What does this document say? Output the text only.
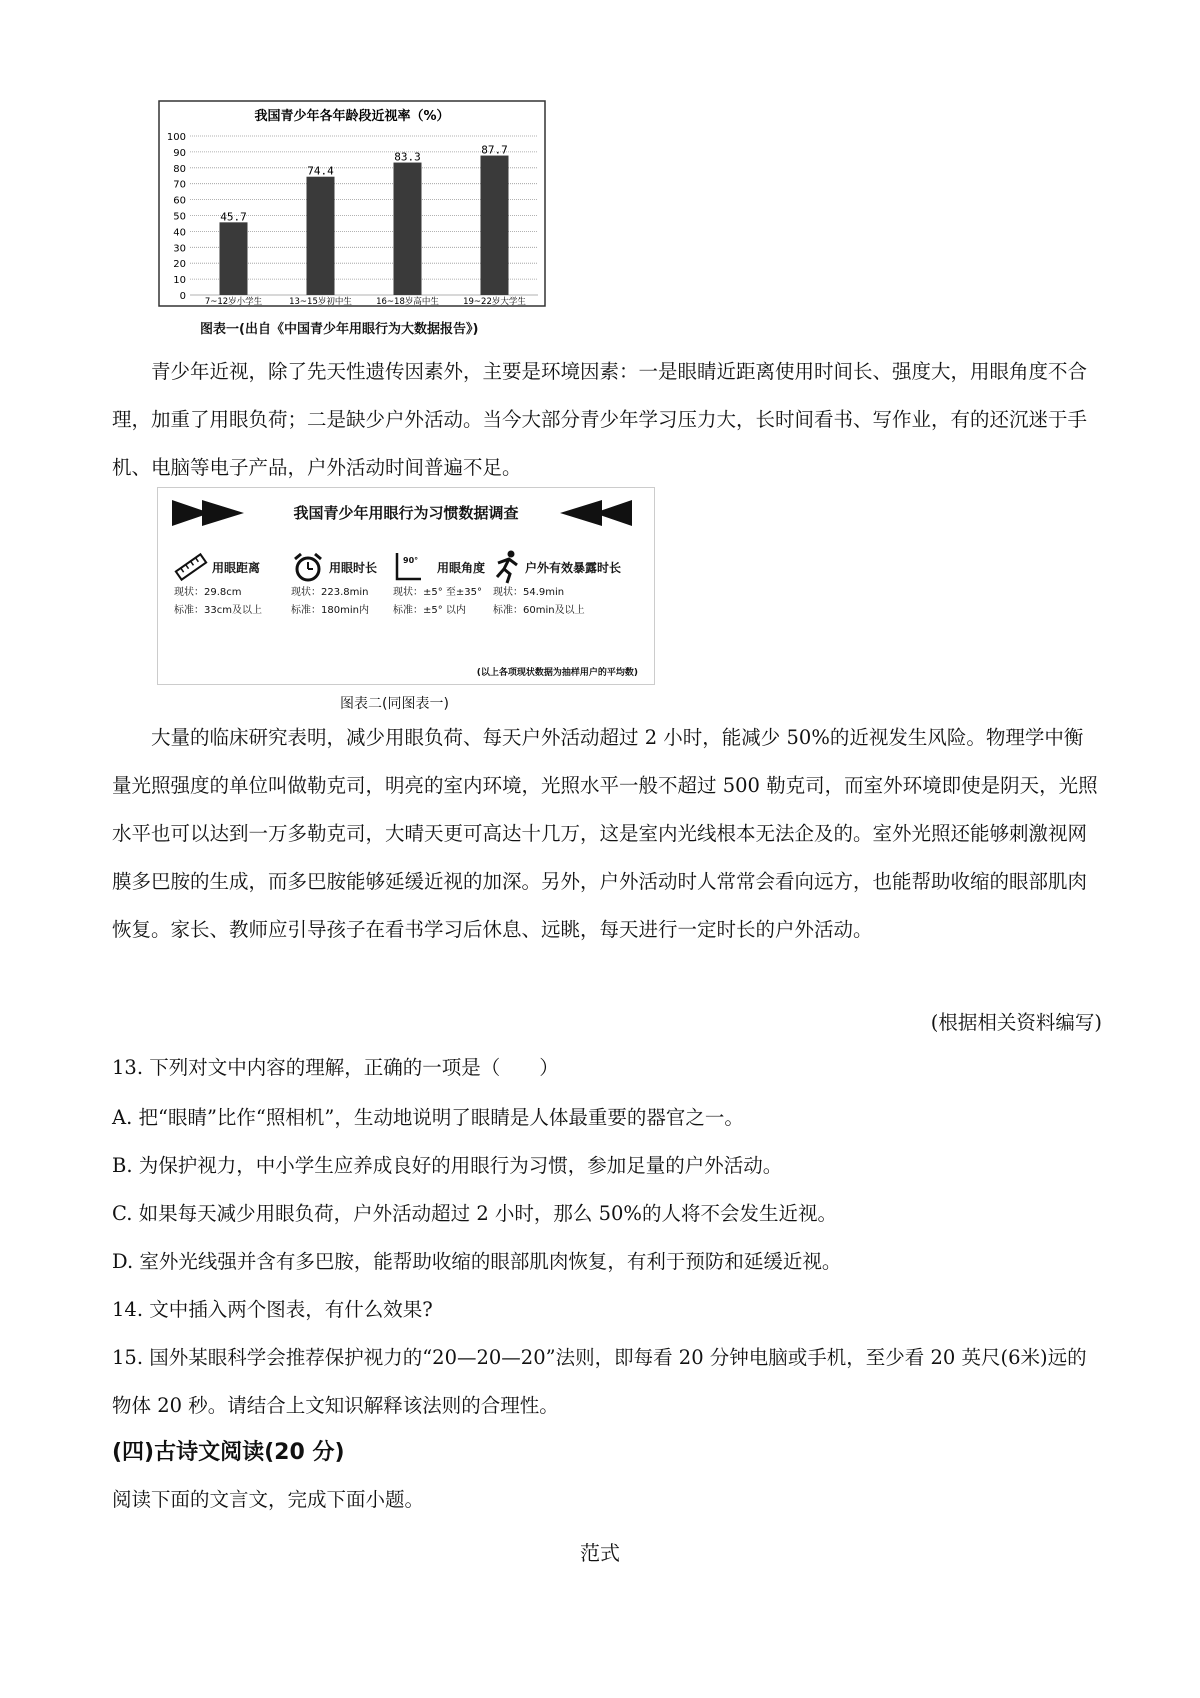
我国青少年各年龄段近视率（%）
0
10
20
30
40
50
60
70
80
90
100
45.7
7~12岁小学生
74.4
13~15岁初中生
83.3
16~18岁高中生
87.7
19~22岁大学生
图表一(出自《中国青少年用眼行为大数据报告》)

青少年近视，除了先天性遗传因素外，主要是环境因素：一是眼睛近距离使用时间长、强度大，用眼角度不合理，加重了用眼负荷；二是缺少户外活动。当今大部分青少年学习压力大，长时间看书、写作业，有的还沉迷于手机、电脑等电子产品，户外活动时间普遍不足。

我国青少年用眼行为习惯数据调查
用眼距离
现状：29.8cm
标准：33cm及以上
用眼时长
现状：223.8min
标准：180min内
90° 用眼角度
现状：±5° 至±35°
标准：±5° 以内
户外有效暴露时长
现状：54.9min
标准：60min及以上
(以上各项现状数据为抽样用户的平均数)
图表二(同图表一)

大量的临床研究表明，减少用眼负荷、每天户外活动超过 2 小时，能减少 50%的近视发生风险。物理学中衡量光照强度的单位叫做勒克司，明亮的室内环境，光照水平一般不超过 500 勒克司，而室外环境即使是阴天，光照水平也可以达到一万多勒克司，大晴天更可高达十几万，这是室内光线根本无法企及的。室外光照还能够刺激视网膜多巴胺的生成，而多巴胺能够延缓近视的加深。另外，户外活动时人常常会看向远方，也能帮助收缩的眼部肌肉恢复。家长、教师应引导孩子在看书学习后休息、远眺，每天进行一定时长的户外活动。

(根据相关资料编写)
13. 下列对文中内容的理解，正确的一项是（　　）
A. 把“眼睛”比作“照相机”，生动地说明了眼睛是人体最重要的器官之一。
B. 为保护视力，中小学生应养成良好的用眼行为习惯，参加足量的户外活动。
C. 如果每天减少用眼负荷，户外活动超过 2 小时，那么 50%的人将不会发生近视。
D. 室外光线强并含有多巴胺，能帮助收缩的眼部肌肉恢复，有利于预防和延缓近视。
14. 文中插入两个图表，有什么效果?

15. 国外某眼科学会推荐保护视力的“20—20—20”法则，即每看 20 分钟电脑或手机，至少看 20 英尺(6米)远的物体 20 秒。请结合上文知识解释该法则的合理性。

(四)古诗文阅读(20 分)
阅读下面的文言文，完成下面小题。
范式
